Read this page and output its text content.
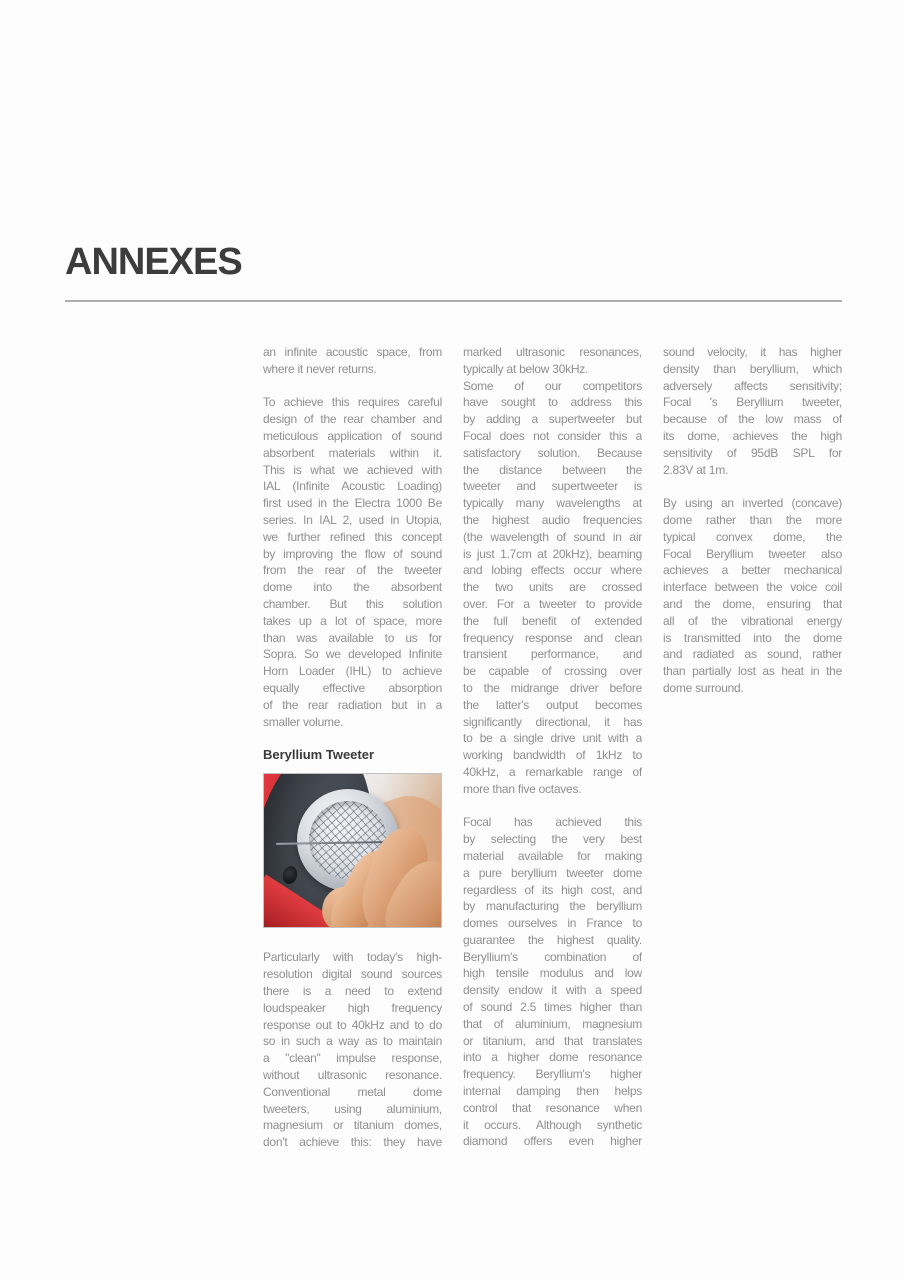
ANNEXES
an infinite acoustic space, from
where it never returns.
To achieve this requires careful
design of the rear chamber and
meticulous application of sound
absorbent materials within it.
This is what we achieved with
IAL (Infinite Acoustic Loading)
first used in the Electra 1000 Be
series. In IAL 2, used in Utopia,
we further refined this concept
by improving the flow of sound
from the rear of the tweeter
dome into the absorbent
chamber. But this solution
takes up a lot of space, more
than was available to us for
Sopra. So we developed Infinite
Horn Loader (IHL) to achieve
equally effective absorption
of the rear radiation but in a
smaller volume.
Beryllium Tweeter
Particularly with today's high-
resolution digital sound sources
there is a need to extend
loudspeaker high frequency
response out to 40kHz and to do
so in such a way as to maintain
a "clean" impulse response,
without ultrasonic resonance.
Conventional metal dome
tweeters, using aluminium,
magnesium or titanium domes,
don't achieve this: they have
marked ultrasonic resonances,
typically at below 30kHz.
Some of our competitors
have sought to address this
by adding a supertweeter but
Focal does not consider this a
satisfactory solution. Because
the distance between the
tweeter and supertweeter is
typically many wavelengths at
the highest audio frequencies
(the wavelength of sound in air
is just 1.7cm at 20kHz), beaming
and lobing effects occur where
the two units are crossed
over. For a tweeter to provide
the full benefit of extended
frequency response and clean
transient performance, and
be capable of crossing over
to the midrange driver before
the latter's output becomes
significantly directional, it has
to be a single drive unit with a
working bandwidth of 1kHz to
40kHz, a remarkable range of
more than five octaves.
Focal has achieved this
by selecting the very best
material available for making
a pure beryllium tweeter dome
regardless of its high cost, and
by manufacturing the beryllium
domes ourselves in France to
guarantee the highest quality.
Beryllium's combination of
high tensile modulus and low
density endow it with a speed
of sound 2.5 times higher than
that of aluminium, magnesium
or titanium, and that translates
into a higher dome resonance
frequency. Beryllium's higher
internal damping then helps
control that resonance when
it occurs. Although synthetic
diamond offers even higher
sound velocity, it has higher
density than beryllium, which
adversely affects sensitivity;
Focal 's Beryllium tweeter,
because of the low mass of
its dome, achieves the high
sensitivity of 95dB SPL for
2.83V at 1m.
By using an inverted (concave)
dome rather than the more
typical convex dome, the
Focal Beryllium tweeter also
achieves a better mechanical
interface between the voice coil
and the dome, ensuring that
all of the vibrational energy
is transmitted into the dome
and radiated as sound, rather
than partially lost as heat in the
dome surround.
